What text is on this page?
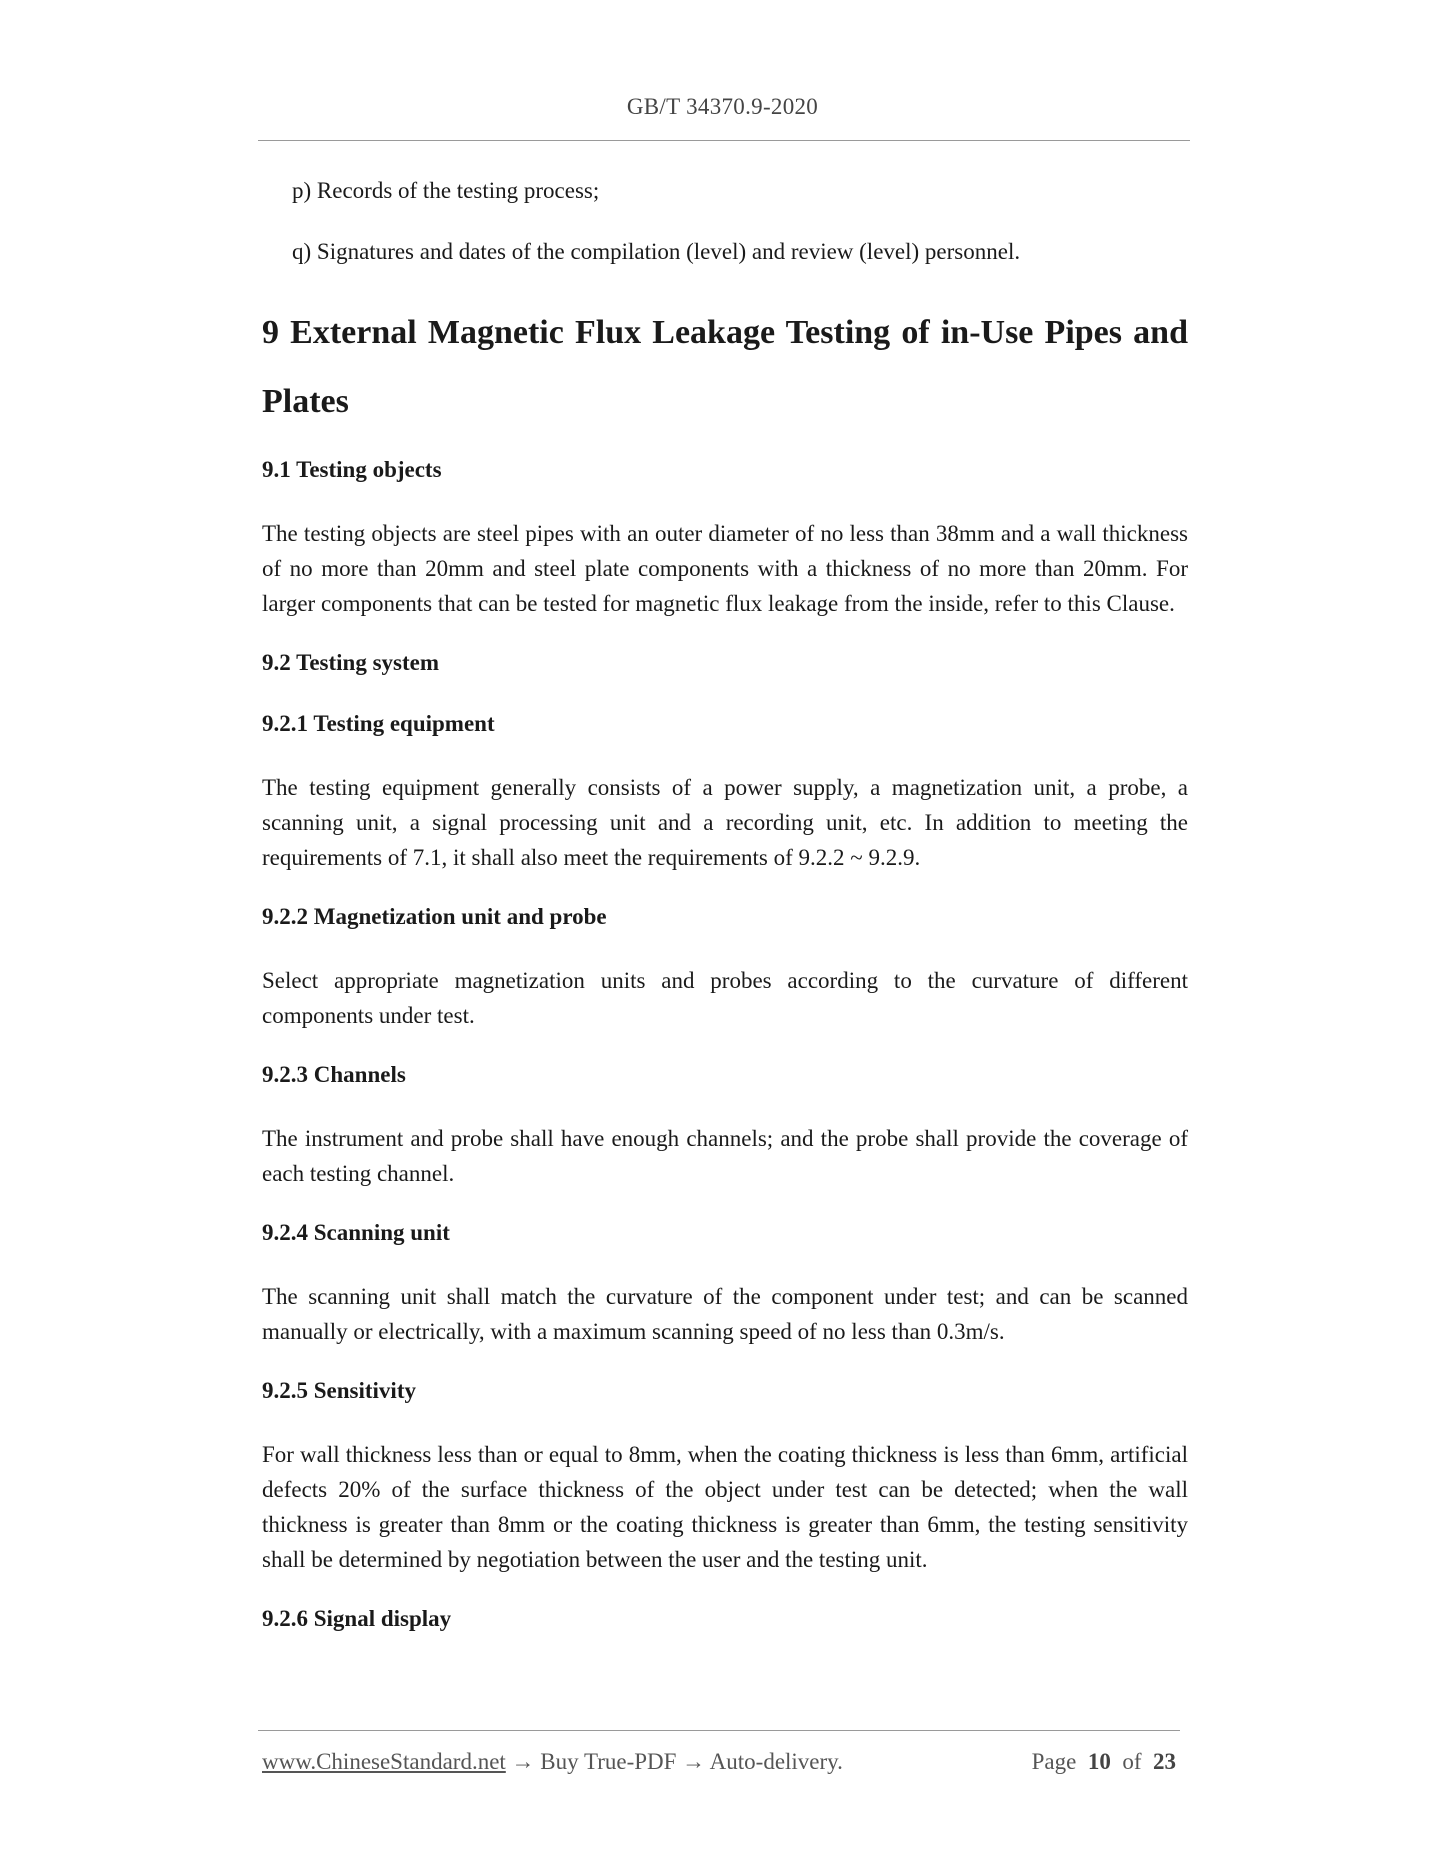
GB/T 34370.9-2020

p) Records of the testing process;

q) Signatures and dates of the compilation (level) and review (level) personnel.

9 External Magnetic Flux Leakage Testing of in-Use Pipes and Plates
9.1 Testing objects

The testing objects are steel pipes with an outer diameter of no less than 38mm and a wall thickness of no more than 20mm and steel plate components with a thickness of no more than 20mm. For larger components that can be tested for magnetic flux leakage from the inside, refer to this Clause.

9.2 Testing system
9.2.1 Testing equipment

The testing equipment generally consists of a power supply, a magnetization unit, a probe, a scanning unit, a signal processing unit and a recording unit, etc. In addition to meeting the requirements of 7.1, it shall also meet the requirements of 9.2.2 ~ 9.2.9.

9.2.2 Magnetization unit and probe

Select appropriate magnetization units and probes according to the curvature of different components under test.

9.2.3 Channels

The instrument and probe shall have enough channels; and the probe shall provide the coverage of each testing channel.

9.2.4 Scanning unit

The scanning unit shall match the curvature of the component under test; and can be scanned manually or electrically, with a maximum scanning speed of no less than 0.3m/s.

9.2.5 Sensitivity

For wall thickness less than or equal to 8mm, when the coating thickness is less than 6mm, artificial defects 20% of the surface thickness of the object under test can be detected; when the wall thickness is greater than 8mm or the coating thickness is greater than 6mm, the testing sensitivity shall be determined by negotiation between the user and the testing unit.

9.2.6 Signal display
www.ChineseStandard.net → Buy True-PDF → Auto-delivery.	Page 10 of 23
